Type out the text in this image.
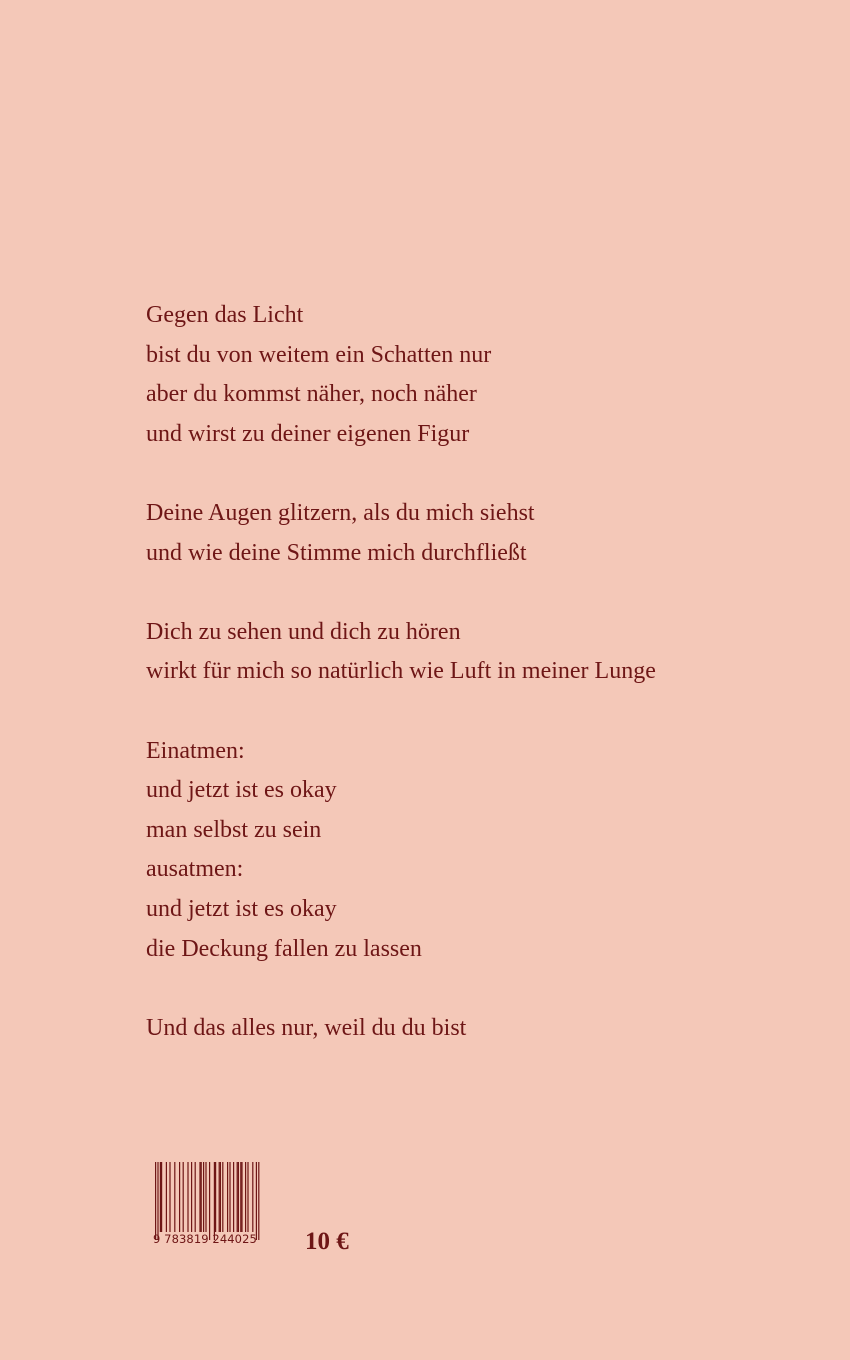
Gegen das Licht
bist du von weitem ein Schatten nur
aber du kommst näher, noch näher
und wirst zu deiner eigenen Figur
Deine Augen glitzern, als du mich siehst
und wie deine Stimme mich durchfließt
Dich zu sehen und dich zu hören
wirkt für mich so natürlich wie Luft in meiner Lunge
Einatmen:
und jetzt ist es okay
man selbst zu sein
ausatmen:
und jetzt ist es okay
die Deckung fallen zu lassen
Und das alles nur, weil du du bist
9 783819 244025	10 €
